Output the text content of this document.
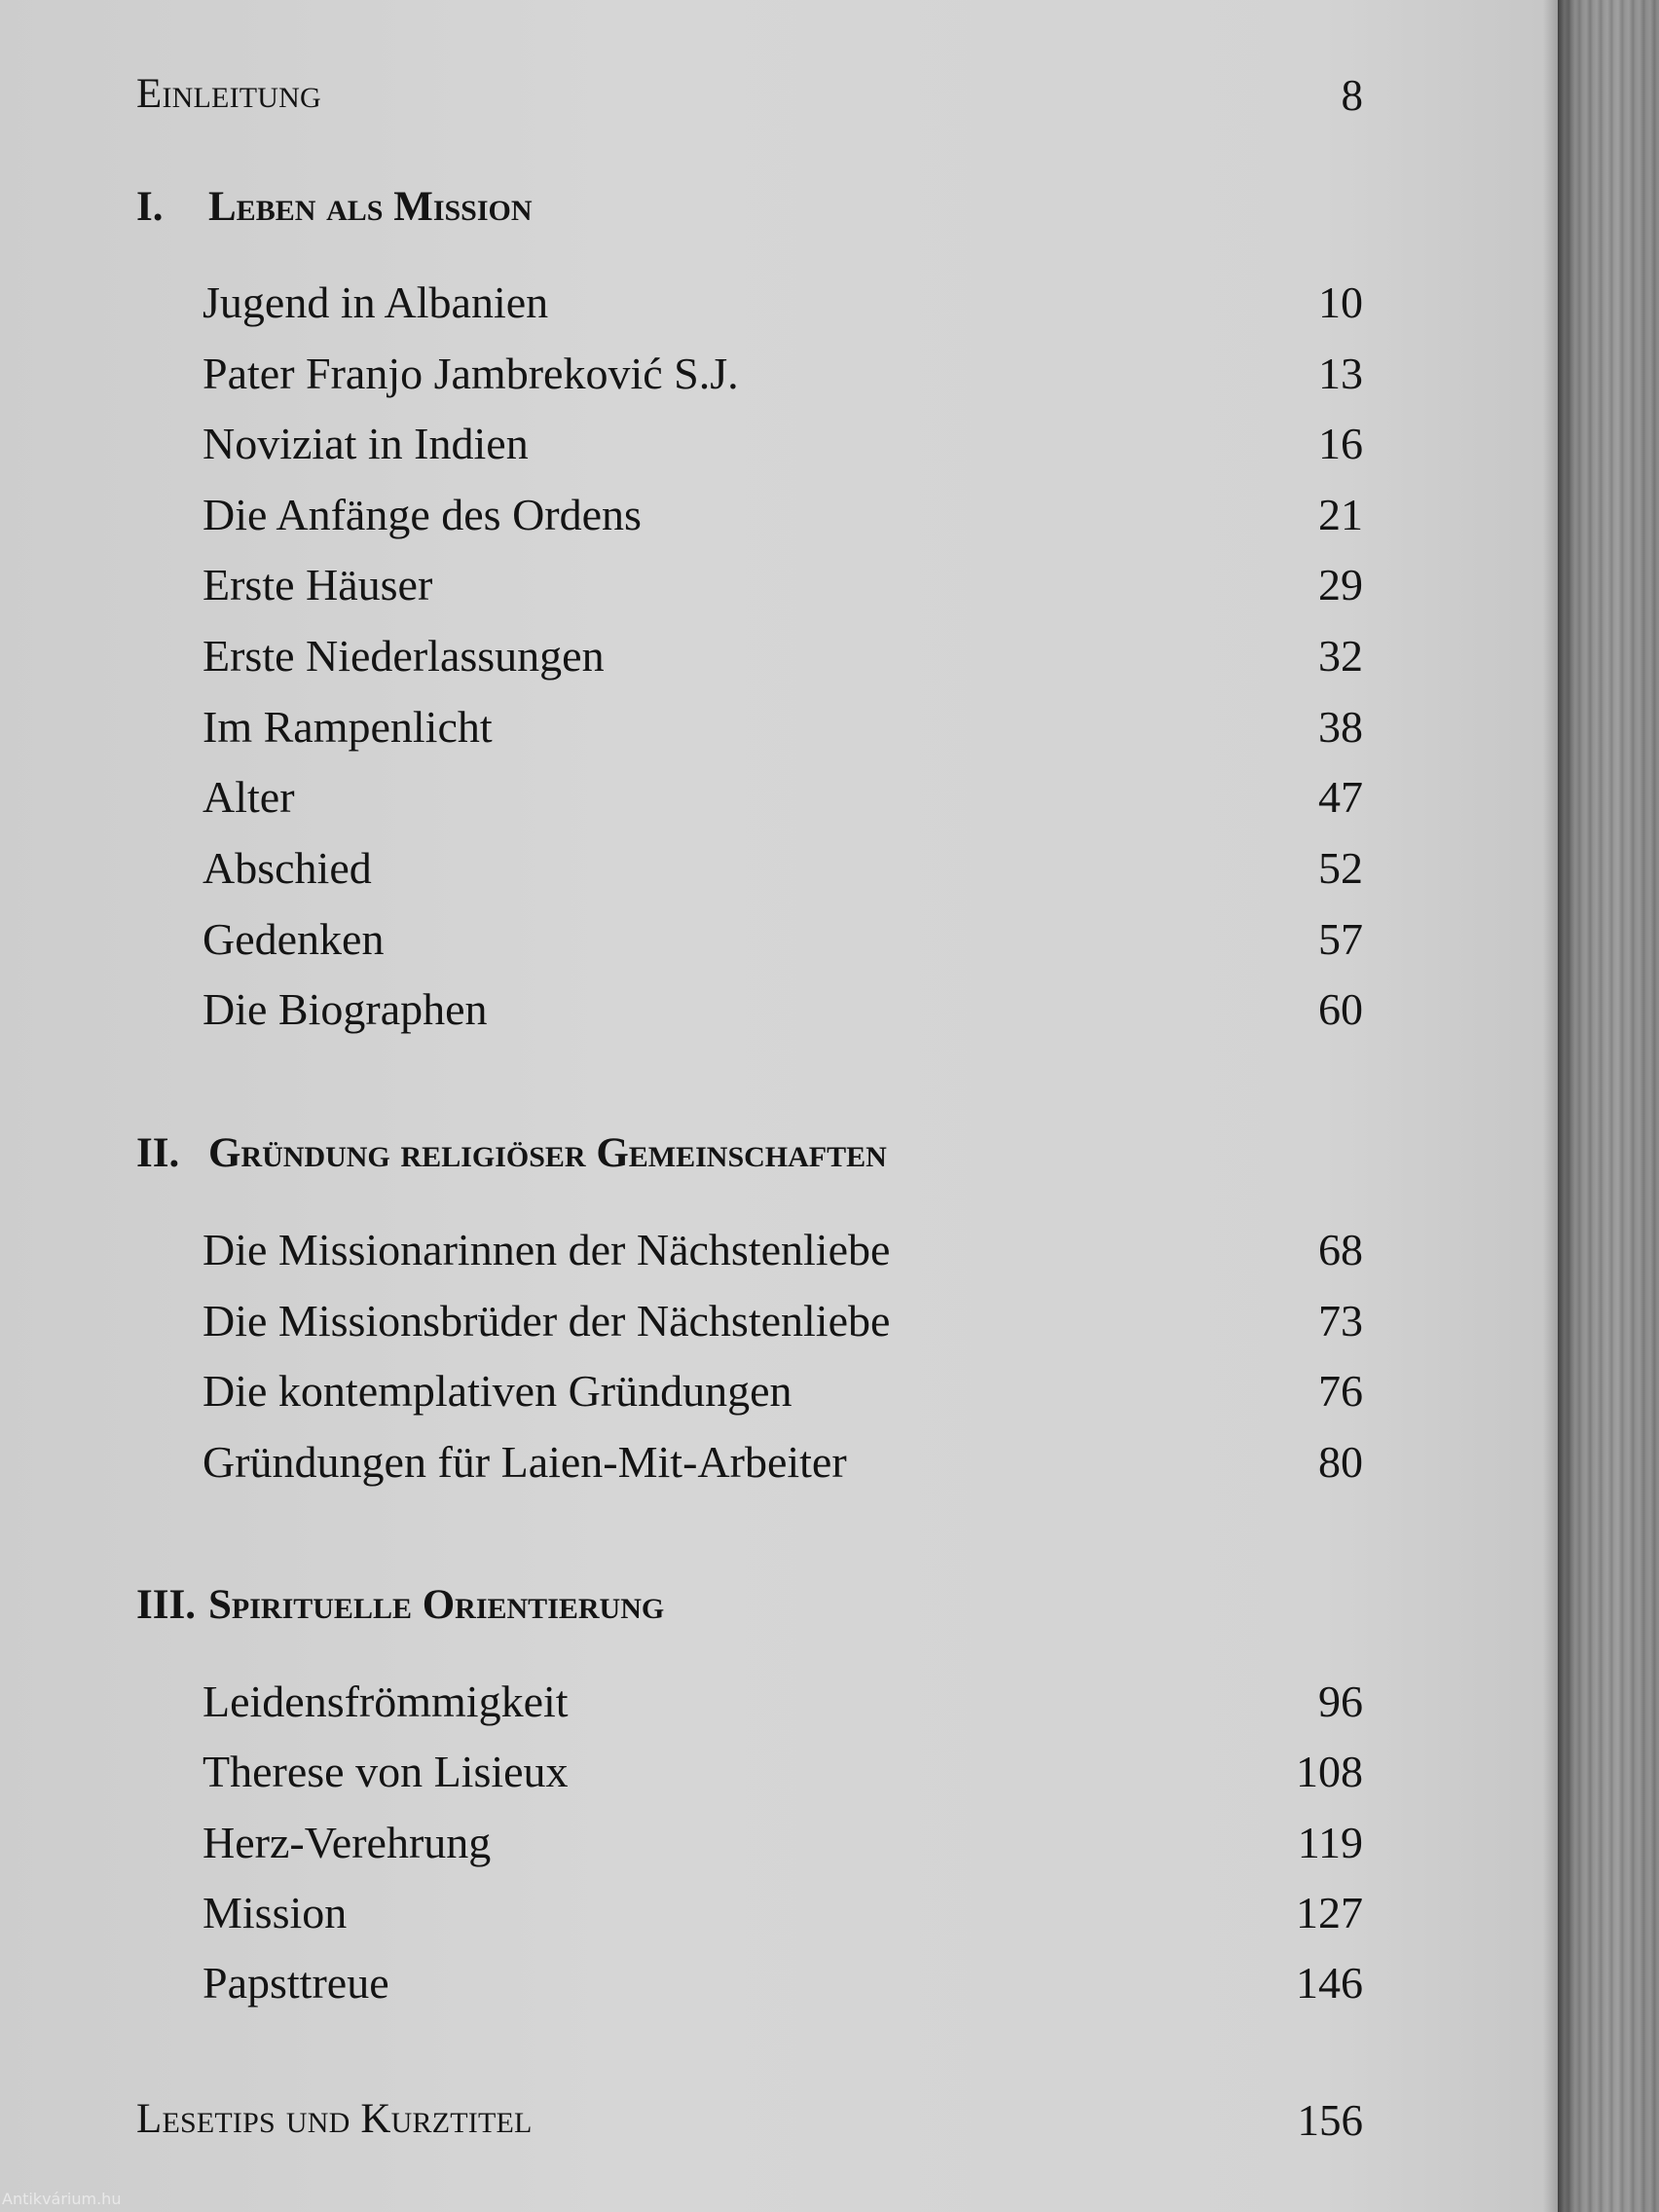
Einleitung	8
I. Leben als Mission
Jugend in Albanien	10
Pater Franjo Jambreković S.J.	13
Noviziat in Indien	16
Die Anfänge des Ordens	21
Erste Häuser	29
Erste Niederlassungen	32
Im Rampenlicht	38
Alter	47
Abschied	52
Gedenken	57
Die Biographen	60
II. Gründung religiöser Gemeinschaften
Die Missionarinnen der Nächstenliebe	68
Die Missionsbrüder der Nächstenliebe	73
Die kontemplativen Gründungen	76
Gründungen für Laien-Mit-Arbeiter	80
III. Spirituelle Orientierung
Leidensfrömmigkeit	96
Therese von Lisieux	108
Herz-Verehrung	119
Mission	127
Papsttreue	146
Lesetips und Kurztitel	156
Antikvárium.hu
